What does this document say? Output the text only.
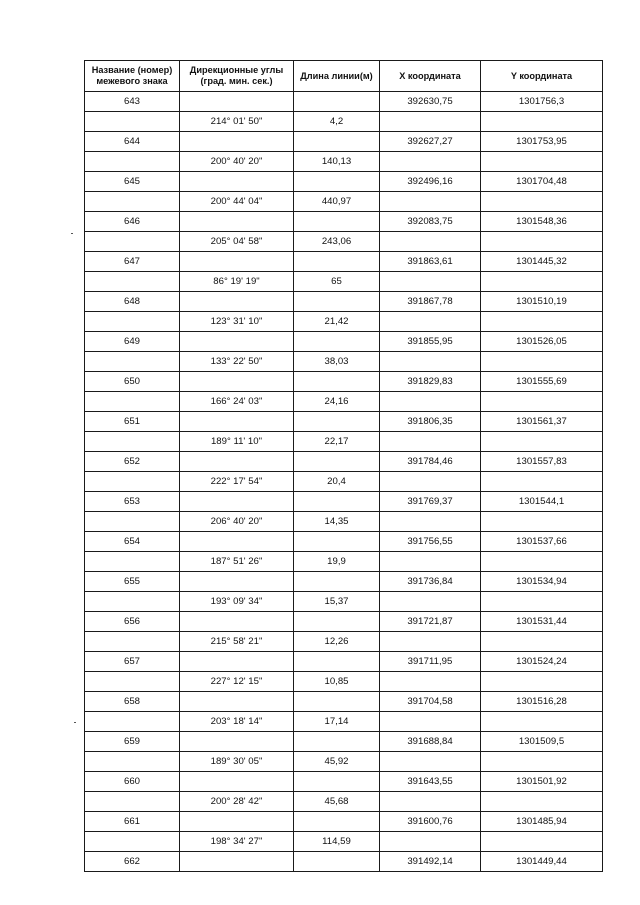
Название (номер) межевого знака	Дирекционные углы (град. мин. сек.)	Длина линии(м)	X координата	Y координата
643			392630,75	1301756,3
	214° 01' 50"	4,2		
644			392627,27	1301753,95
	200° 40' 20"	140,13		
645			392496,16	1301704,48
	200° 44' 04"	440,97		
646			392083,75	1301548,36
	205° 04' 58"	243,06		
647			391863,61	1301445,32
	86° 19' 19"	65		
648			391867,78	1301510,19
	123° 31' 10"	21,42		
649			391855,95	1301526,05
	133° 22' 50"	38,03		
650			391829,83	1301555,69
	166° 24' 03"	24,16		
651			391806,35	1301561,37
	189° 11' 10"	22,17		
652			391784,46	1301557,83
	222° 17' 54"	20,4		
653			391769,37	1301544,1
	206° 40' 20"	14,35		
654			391756,55	1301537,66
	187° 51' 26"	19,9		
655			391736,84	1301534,94
	193° 09' 34"	15,37		
656			391721,87	1301531,44
	215° 58' 21"	12,26		
657			391711,95	1301524,24
	227° 12' 15"	10,85		
658			391704,58	1301516,28
	203° 18' 14"	17,14		
659			391688,84	1301509,5
	189° 30' 05"	45,92		
660			391643,55	1301501,92
	200° 28' 42"	45,68		
661			391600,76	1301485,94
	198° 34' 27"	114,59		
662			391492,14	1301449,44
